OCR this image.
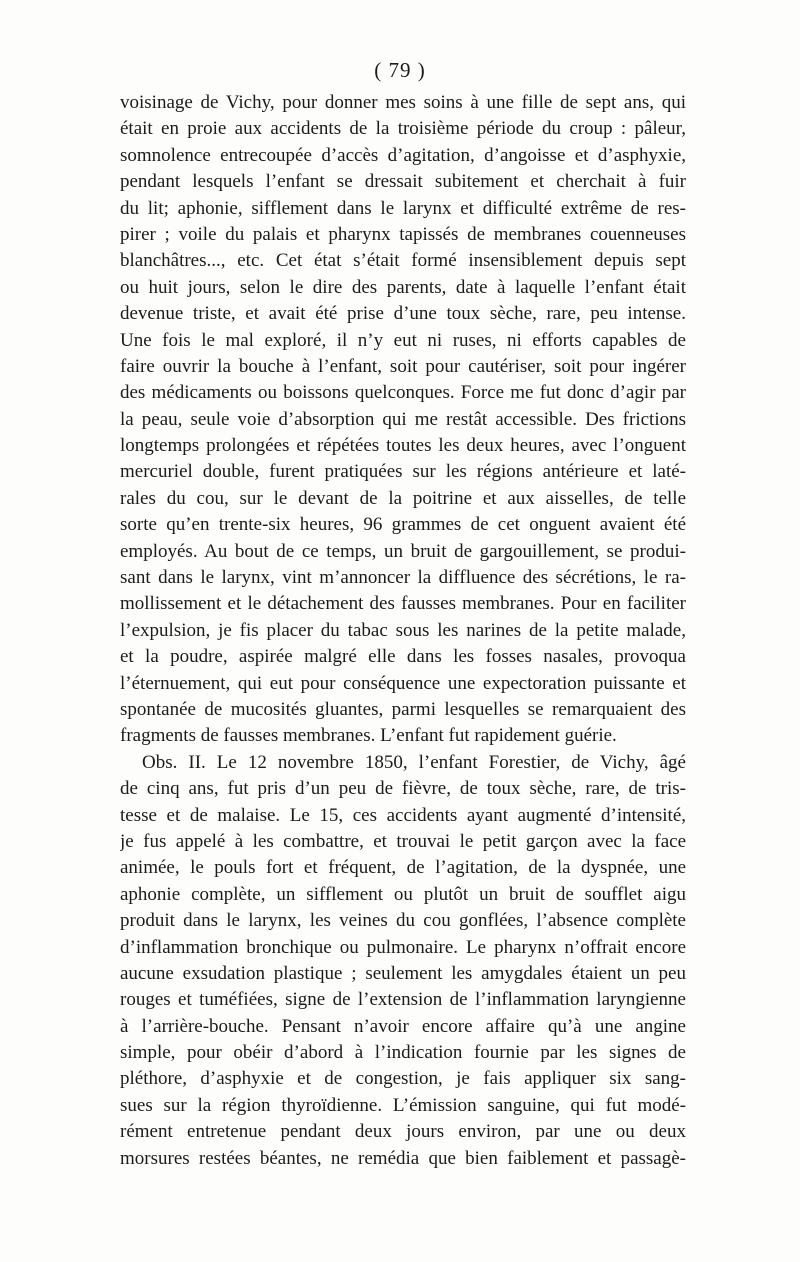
( 79 )
voisinage de Vichy, pour donner mes soins à une fille de sept ans, qui
était en proie aux accidents de la troisième période du croup : pâleur,
somnolence entrecoupée d’accès d’agitation, d’angoisse et d’asphyxie,
pendant lesquels l’enfant se dressait subitement et cherchait à fuir
du lit; aphonie, sifflement dans le larynx et difficulté extrême de res-
pirer ; voile du palais et pharynx tapissés de membranes couenneuses
blanchâtres..., etc. Cet état s’était formé insensiblement depuis sept
ou huit jours, selon le dire des parents, date à laquelle l’enfant était
devenue triste, et avait été prise d’une toux sèche, rare, peu intense.
Une fois le mal exploré, il n’y eut ni ruses, ni efforts capables de
faire ouvrir la bouche à l’enfant, soit pour cautériser, soit pour ingérer
des médicaments ou boissons quelconques. Force me fut donc d’agir par
la peau, seule voie d’absorption qui me restât accessible. Des frictions
longtemps prolongées et répétées toutes les deux heures, avec l’onguent
mercuriel double, furent pratiquées sur les régions antérieure et laté-
rales du cou, sur le devant de la poitrine et aux aisselles, de telle
sorte qu’en trente-six heures, 96 grammes de cet onguent avaient été
employés. Au bout de ce temps, un bruit de gargouillement, se produi-
sant dans le larynx, vint m’annoncer la diffluence des sécrétions, le ra-
mollissement et le détachement des fausses membranes. Pour en faciliter
l’expulsion, je fis placer du tabac sous les narines de la petite malade,
et la poudre, aspirée malgré elle dans les fosses nasales, provoqua
l’éternuement, qui eut pour conséquence une expectoration puissante et
spontanée de mucosités gluantes, parmi lesquelles se remarquaient des
fragments de fausses membranes. L’enfant fut rapidement guérie.
Obs. II. Le 12 novembre 1850, l’enfant Forestier, de Vichy, âgé
de cinq ans, fut pris d’un peu de fièvre, de toux sèche, rare, de tris-
tesse et de malaise. Le 15, ces accidents ayant augmenté d’intensité,
je fus appelé à les combattre, et trouvai le petit garçon avec la face
animée, le pouls fort et fréquent, de l’agitation, de la dyspnée, une
aphonie complète, un sifflement ou plutôt un bruit de soufflet aigu
produit dans le larynx, les veines du cou gonflées, l’absence complète
d’inflammation bronchique ou pulmonaire. Le pharynx n’offrait encore
aucune exsudation plastique ; seulement les amygdales étaient un peu
rouges et tuméfiées, signe de l’extension de l’inflammation laryngienne
à l’arrière-bouche. Pensant n’avoir encore affaire qu’à une angine
simple, pour obéir d’abord à l’indication fournie par les signes de
pléthore, d’asphyxie et de congestion, je fais appliquer six sang-
sues sur la région thyroïdienne. L’émission sanguine, qui fut modé-
rément entretenue pendant deux jours environ, par une ou deux
morsures restées béantes, ne remédia que bien faiblement et passagè-
